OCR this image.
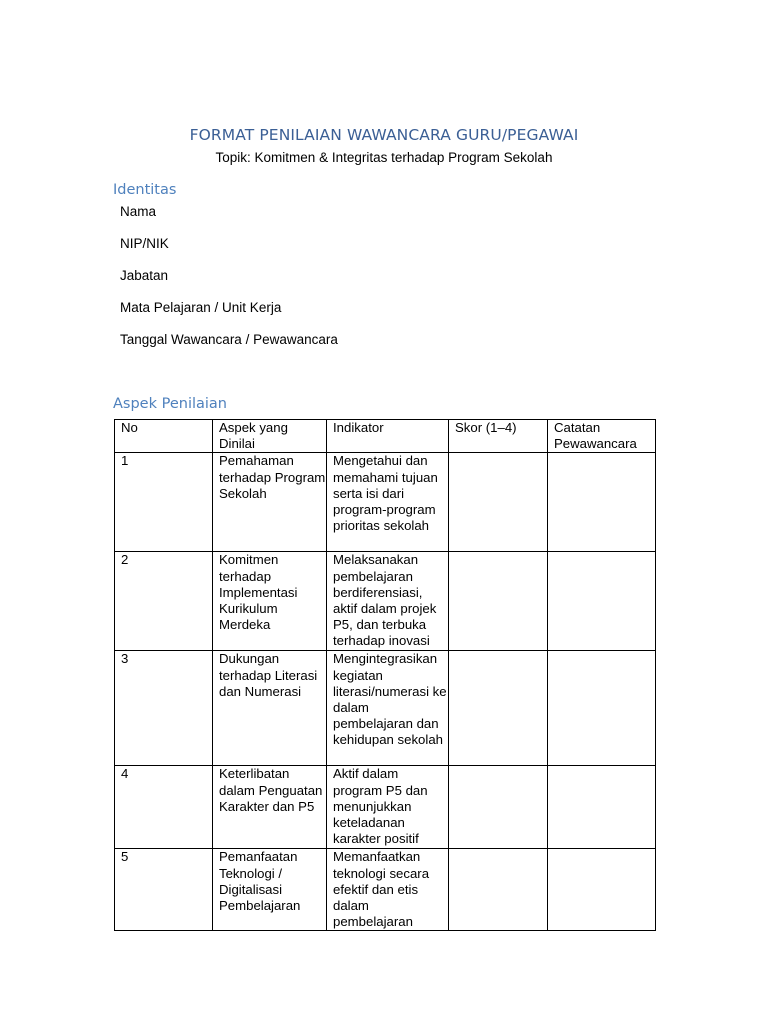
FORMAT PENILAIAN WAWANCARA GURU/PEGAWAI
Topik: Komitmen & Integritas terhadap Program Sekolah
Identitas
Nama
NIP/NIK
Jabatan
Mata Pelajaran / Unit Kerja
Tanggal Wawancara / Pewawancara
Aspek Penilaian
No	Aspek yang Dinilai	Indikator	Skor (1–4)	Catatan Pewawancara
1	Pemahaman terhadap Program Sekolah	Mengetahui dan memahami tujuan serta isi dari program-program prioritas sekolah		
2	Komitmen terhadap Implementasi Kurikulum Merdeka	Melaksanakan pembelajaran berdiferensiasi, aktif dalam projek P5, dan terbuka terhadap inovasi		
3	Dukungan terhadap Literasi dan Numerasi	Mengintegrasikan kegiatan literasi/numerasi ke dalam pembelajaran dan kehidupan sekolah		
4	Keterlibatan dalam Penguatan Karakter dan P5	Aktif dalam program P5 dan menunjukkan keteladanan karakter positif		
5	Pemanfaatan Teknologi / Digitalisasi Pembelajaran	Memanfaatkan teknologi secara efektif dan etis dalam pembelajaran		
